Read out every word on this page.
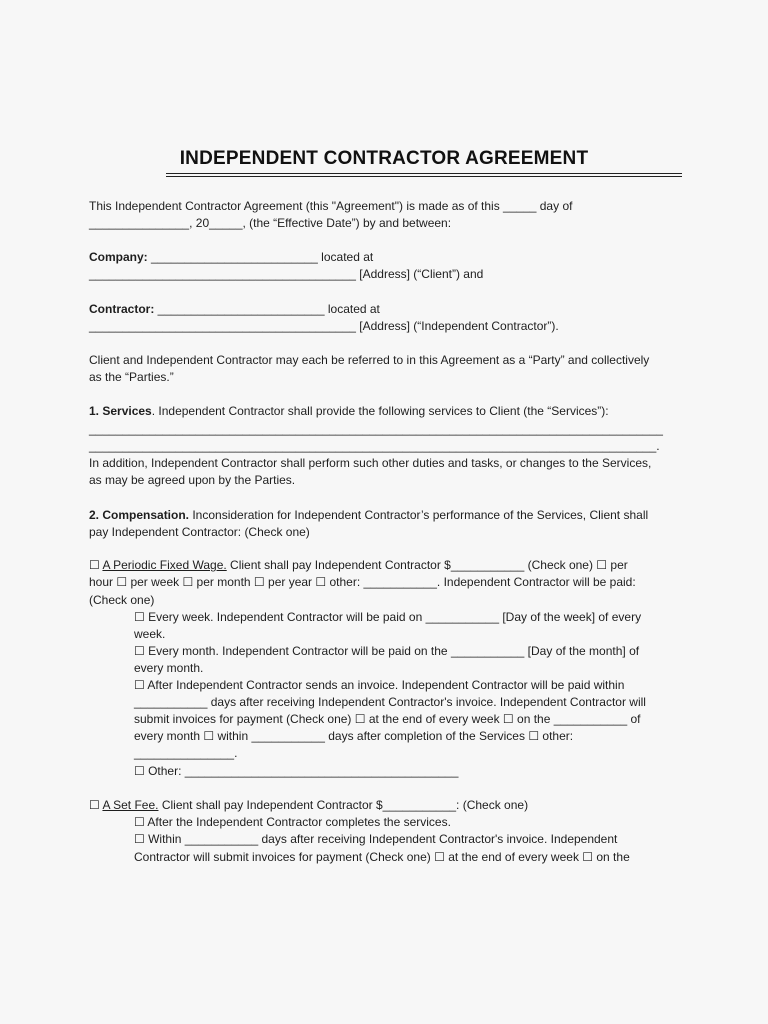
INDEPENDENT CONTRACTOR AGREEMENT
This Independent Contractor Agreement (this "Agreement") is made as of this _____ day of
_______________, 20_____, (the “Effective Date”) by and between:
Company: _________________________ located at
________________________________________ [Address] (“Client”) and
Contractor: _________________________ located at
________________________________________ [Address] (“Independent Contractor”).
Client and Independent Contractor may each be referred to in this Agreement as a “Party” and collectively
as the “Parties.”
1. Services. Independent Contractor shall provide the following services to Client (the “Services”):
______________________________________________________________________________________
_____________________________________________________________________________________.
In addition, Independent Contractor shall perform such other duties and tasks, or changes to the Services,
as may be agreed upon by the Parties.
2. Compensation. Inconsideration for Independent Contractor’s performance of the Services, Client shall
pay Independent Contractor: (Check one)
☐ A Periodic Fixed Wage. Client shall pay Independent Contractor $___________ (Check one) ☐ per
hour ☐ per week ☐ per month ☐ per year ☐ other: ___________. Independent Contractor will be paid:
(Check one)
☐ Every week. Independent Contractor will be paid on ___________ [Day of the week] of every
week.
☐ Every month. Independent Contractor will be paid on the ___________ [Day of the month] of
every month.
☐ After Independent Contractor sends an invoice. Independent Contractor will be paid within
___________ days after receiving Independent Contractor's invoice. Independent Contractor will
submit invoices for payment (Check one) ☐ at the end of every week ☐ on the ___________ of
every month ☐ within ___________ days after completion of the Services ☐ other:
_______________.
☐ Other: _________________________________________
☐ A Set Fee. Client shall pay Independent Contractor $___________: (Check one)
☐ After the Independent Contractor completes the services.
☐ Within ___________ days after receiving Independent Contractor's invoice. Independent
Contractor will submit invoices for payment (Check one) ☐ at the end of every week ☐ on the
